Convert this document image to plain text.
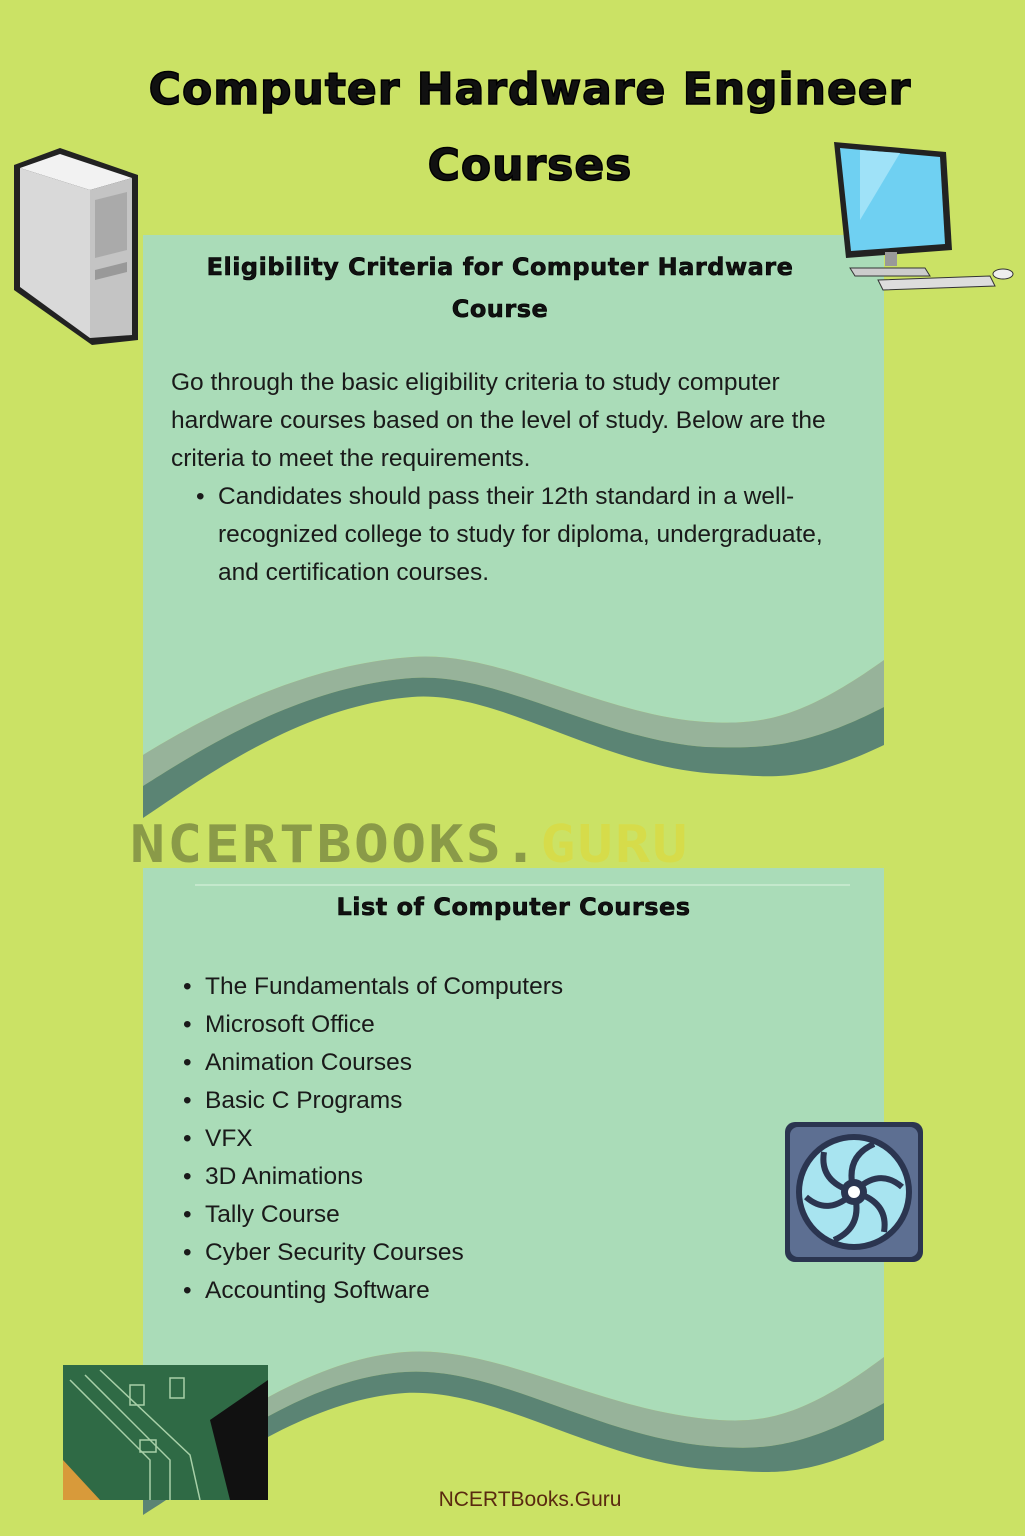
Computer Hardware Engineer
Courses
Eligibility Criteria for Computer Hardware
Course
Go through the basic eligibility criteria to study computer hardware courses based on the level of study. Below are the criteria to meet the requirements.
• Candidates should pass their 12th standard in a well-recognized college to study for diploma, undergraduate, and certification courses.
NCERTBOOKS.GURU
List of Computer Courses
• The Fundamentals of Computers
• Microsoft Office
• Animation Courses
• Basic C Programs
• VFX
• 3D Animations
• Tally Course
• Cyber Security Courses
• Accounting Software
NCERTBooks.Guru
